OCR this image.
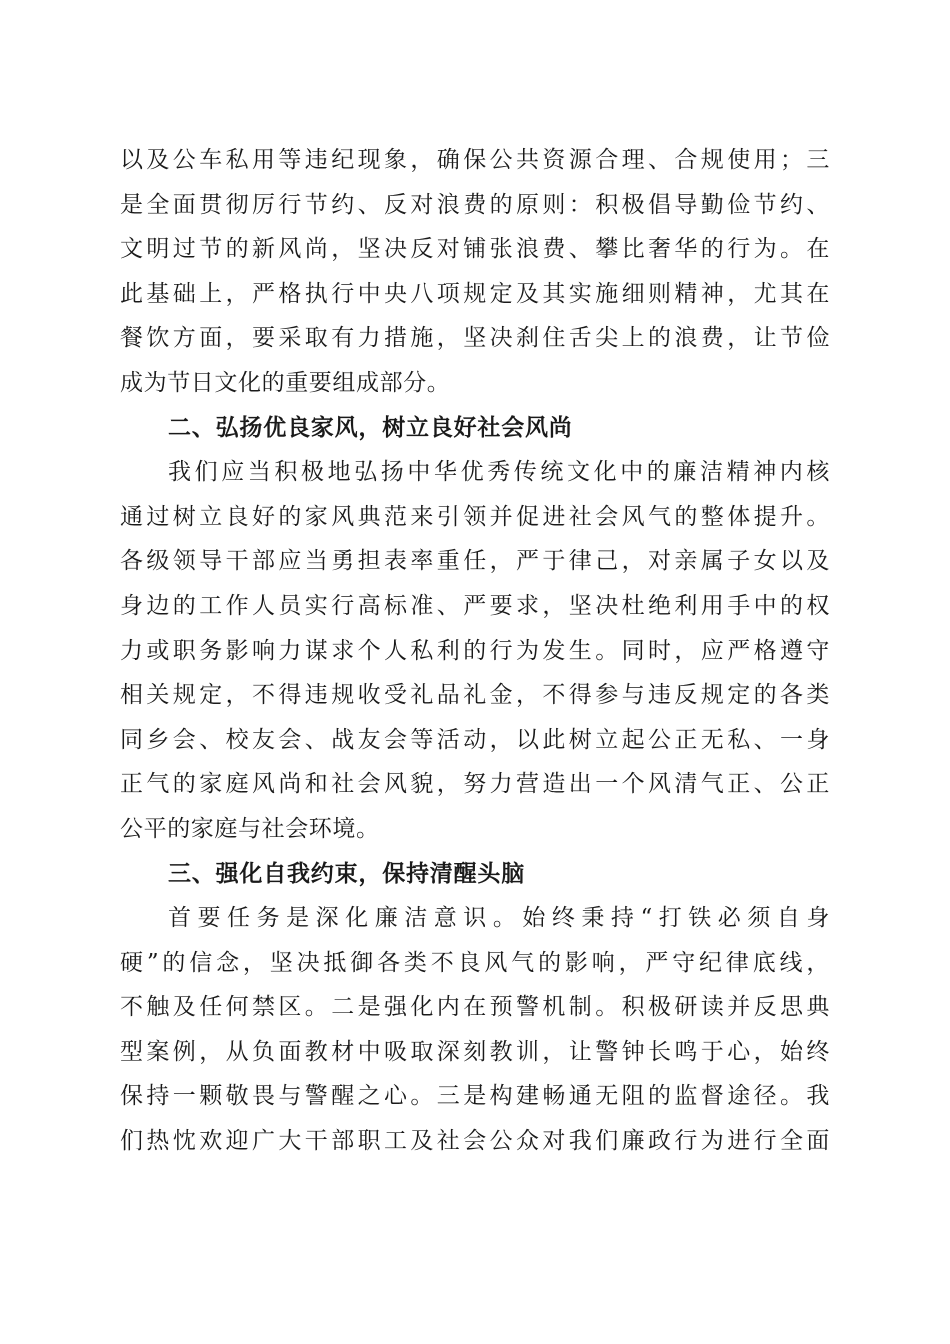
以及公车私用等违纪现象，确保公共资源合理、合规使用；三
是全面贯彻厉行节约、反对浪费的原则：积极倡导勤俭节约、
文明过节的新风尚，坚决反对铺张浪费、攀比奢华的行为。在
此基础上，严格执行中央八项规定及其实施细则精神，尤其在
餐饮方面，要采取有力措施，坚决刹住舌尖上的浪费，让节俭
成为节日文化的重要组成部分。
二、弘扬优良家风，树立良好社会风尚
我们应当积极地弘扬中华优秀传统文化中的廉洁精神内核
通过树立良好的家风典范来引领并促进社会风气的整体提升。
各级领导干部应当勇担表率重任，严于律己，对亲属子女以及
身边的工作人员实行高标准、严要求，坚决杜绝利用手中的权
力或职务影响力谋求个人私利的行为发生。同时，应严格遵守
相关规定，不得违规收受礼品礼金，不得参与违反规定的各类
同乡会、校友会、战友会等活动，以此树立起公正无私、一身
正气的家庭风尚和社会风貌，努力营造出一个风清气正、公正
公平的家庭与社会环境。
三、强化自我约束，保持清醒头脑
首要任务是深化廉洁意识。始终秉持“打铁必须自身
硬”的信念，坚决抵御各类不良风气的影响，严守纪律底线，
不触及任何禁区。二是强化内在预警机制。积极研读并反思典
型案例，从负面教材中吸取深刻教训，让警钟长鸣于心，始终
保持一颗敬畏与警醒之心。三是构建畅通无阻的监督途径。我
们热忱欢迎广大干部职工及社会公众对我们廉政行为进行全面
